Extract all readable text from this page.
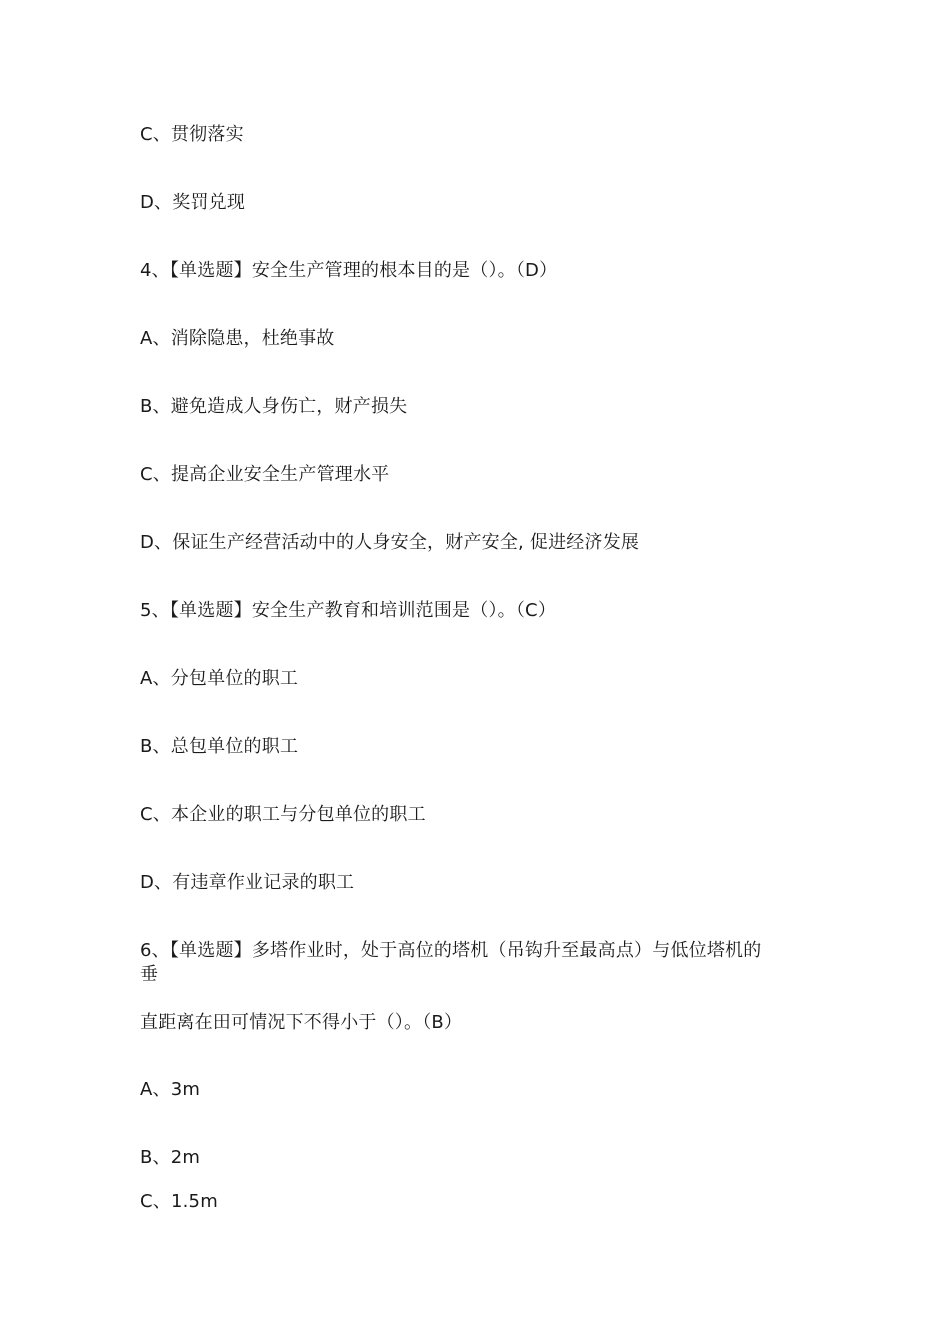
C、贯彻落实
D、奖罚兑现
4、【单选题】安全生产管理的根本目的是（）。（D）
A、消除隐患，杜绝事故
B、避免造成人身伤亡，财产损失
C、提高企业安全生产管理水平
D、保证生产经营活动中的人身安全，财产安全, 促进经济发展
5、【单选题】安全生产教育和培训范围是（）。（C）
A、分包单位的职工
B、总包单位的职工
C、本企业的职工与分包单位的职工
D、有违章作业记录的职工
6、【单选题】多塔作业时，处于高位的塔机（吊钩升至最高点）与低位塔机的
垂
直距离在田可情况下不得小于（）。（B）
A、3m
B、2m
C、1.5m
